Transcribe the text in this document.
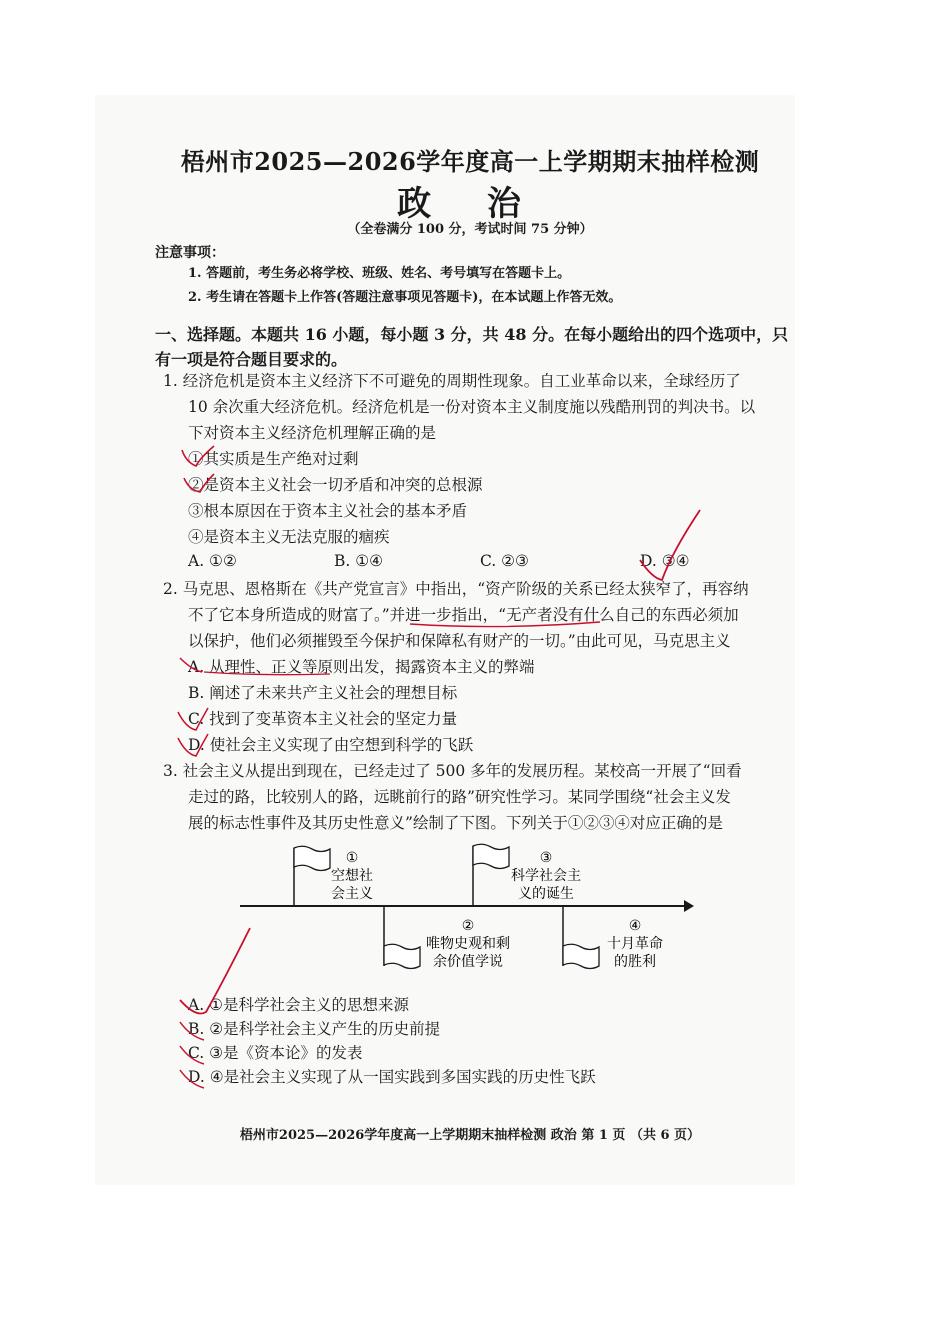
梧州市2025—2026学年度高一上学期期末抽样检测
政 治
（全卷满分 100 分，考试时间 75 分钟）
注意事项：
1. 答题前，考生务必将学校、班级、姓名、考号填写在答题卡上。
2. 考生请在答题卡上作答(答题注意事项见答题卡)，在本试题上作答无效。
一、选择题。本题共 16 小题，每小题 3 分，共 48 分。在每小题给出的四个选项中，只有一项是符合题目要求的。
1. 经济危机是资本主义经济下不可避免的周期性现象。自工业革命以来，全球经历了
10 余次重大经济危机。经济危机是一份对资本主义制度施以残酷刑罚的判决书。以
下对资本主义经济危机理解正确的是
①其实质是生产绝对过剩
②是资本主义社会一切矛盾和冲突的总根源
③根本原因在于资本主义社会的基本矛盾
④是资本主义无法克服的痼疾
A. ①②	B. ①④	C. ②③	D. ③④
2. 马克思、恩格斯在《共产党宣言》中指出，“资产阶级的关系已经太狭窄了，再容纳
不了它本身所造成的财富了。”并进一步指出，“无产者没有什么自己的东西必须加
以保护，他们必须摧毁至今保护和保障私有财产的一切。”由此可见，马克思主义
A. 从理性、正义等原则出发，揭露资本主义的弊端
B. 阐述了未来共产主义社会的理想目标
C. 找到了变革资本主义社会的坚定力量
D. 使社会主义实现了由空想到科学的飞跃
3. 社会主义从提出到现在，已经走过了 500 多年的发展历程。某校高一开展了“回看
走过的路，比较别人的路，远眺前行的路”研究性学习。某同学围绕“社会主义发
展的标志性事件及其历史性意义”绘制了下图。下列关于①②③④对应正确的是
①
空想社
会主义
③
科学社会主
义的诞生
②
唯物史观和剩
余价值学说
④
十月革命
的胜利
A. ①是科学社会主义的思想来源
B. ②是科学社会主义产生的历史前提
C. ③是《资本论》的发表
D. ④是社会主义实现了从一国实践到多国实践的历史性飞跃
梧州市2025—2026学年度高一上学期期末抽样检测 政治 第 1 页 （共 6 页）
